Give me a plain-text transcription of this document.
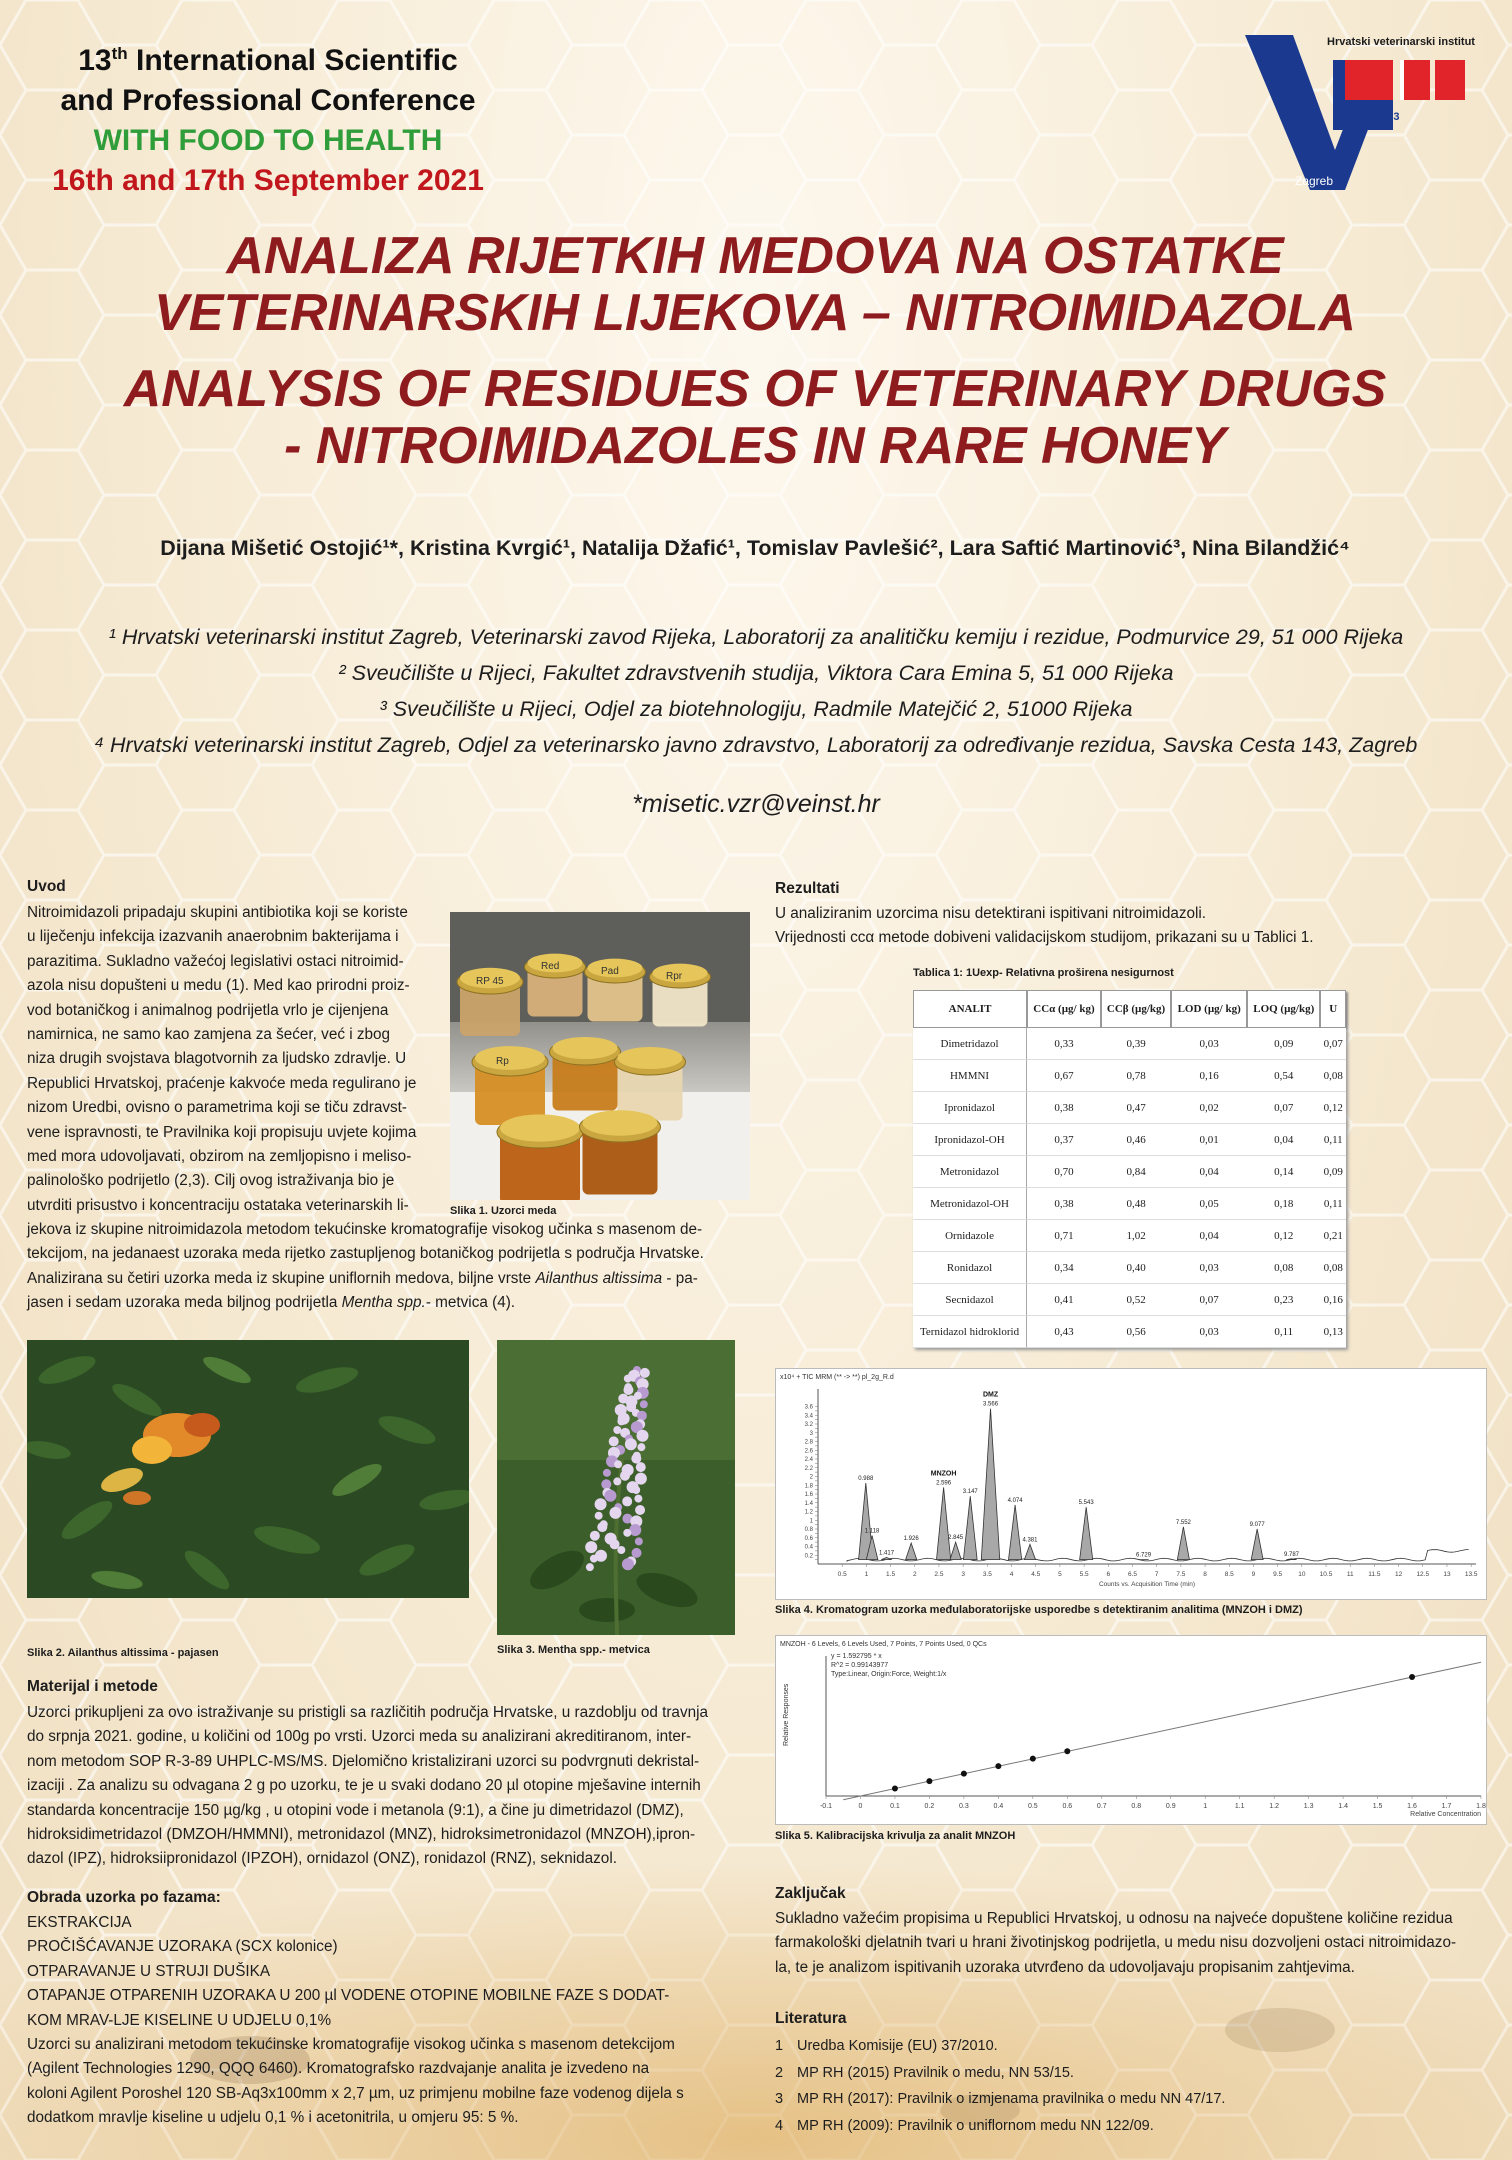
13th International Scientific
and Professional Conference
WITH FOOD TO HEALTH
16th and 17th September 2021
1933
Zagreb
Hrvatski veterinarski institut
ANALIZA RIJETKIH MEDOVA NA OSTATKE
VETERINARSKIH LIJEKOVA – NITROIMIDAZOLA
ANALYSIS OF RESIDUES OF VETERINARY DRUGS
- NITROIMIDAZOLES IN RARE HONEY
Dijana Mišetić Ostojić¹*, Kristina Kvrgić¹, Natalija Džafić¹, Tomislav Pavlešić², Lara Saftić Martinović³, Nina Bilandžić⁴
¹ Hrvatski veterinarski institut Zagreb, Veterinarski zavod Rijeka, Laboratorij za analitičku kemiju i rezidue, Podmurvice 29, 51 000 Rijeka
² Sveučilište u Rijeci, Fakultet zdravstvenih studija, Viktora Cara Emina 5, 51 000 Rijeka
³ Sveučilište u Rijeci, Odjel za biotehnologiju, Radmile Matejčić 2, 51000 Rijeka
⁴ Hrvatski veterinarski institut Zagreb, Odjel za veterinarsko javno zdravstvo, Laboratorij za određivanje rezidua, Savska Cesta 143, Zagreb
*misetic.vzr@veinst.hr
Uvod
Nitroimidazoli pripadaju skupini antibiotika koji se koriste
u liječenju infekcija izazvanih anaerobnim bakterijama i
parazitima. Sukladno važećoj legislativi ostaci nitroimid-
azola nisu dopušteni u medu (1). Med kao prirodni proiz-
vod botaničkog i animalnog podrijetla vrlo je cijenjena
namirnica, ne samo kao zamjena za šećer, već i zbog
niza drugih svojstava blagotvornih za ljudsko zdravlje. U
Republici Hrvatskoj, praćenje kakvoće meda regulirano je
nizom Uredbi, ovisno o parametrima koji se tiču zdravst-
vene ispravnosti, te Pravilnika koji propisuju uvjete kojima
med mora udovoljavati, obzirom na zemljopisno i meliso-
palinološko podrijetlo (2,3). Cilj ovog istraživanja bio je
utvrditi prisustvo i koncentraciju ostataka veterinarskih li-
jekova iz skupine nitroimidazola metodom tekućinske kromatografije visokog učinka s masenom de-
tekcijom, na jedanaest uzoraka meda rijetko zastupljenog botaničkog podrijetla s područja Hrvatske.
Analizirana su četiri uzorka meda iz skupine uniflornih medova, biljne vrste Ailanthus altissima - pa-
jasen i sedam uzoraka meda biljnog podrijetla Mentha spp.- metvica (4).
RP 45
Red	Pad	Rpr
Rp
Slika 1. Uzorci meda
Slika 2. Ailanthus altissima - pajasen	Slika 3. Mentha spp.- metvica
Materijal i metode
Uzorci prikupljeni za ovo istraživanje su pristigli sa različitih područja Hrvatske, u razdoblju od travnja
do srpnja 2021. godine, u količini od 100g po vrsti. Uzorci meda su analizirani akreditiranom, inter-
nom metodom SOP R-3-89 UHPLC-MS/MS. Djelomično kristalizirani uzorci su podvrgnuti dekristal-
izaciji . Za analizu su odvagana 2 g po uzorku, te je u svaki dodano 20 µl otopine mješavine internih
standarda koncentracije 150 µg/kg , u otopini vode i metanola (9:1), a čine ju dimetridazol (DMZ),
hidroksidimetridazol (DMZOH/HMMNI), metronidazol (MNZ), hidroksimetronidazol (MNZOH),ipron-
dazol (IPZ), hidroksiipronidazol (IPZOH), ornidazol (ONZ), ronidazol (RNZ), seknidazol.
Obrada uzorka po fazama:
EKSTRAKCIJA
PROČIŠĆAVANJE UZORAKA (SCX kolonice)
OTPARAVANJE U STRUJI DUŠIKA
OTAPANJE OTPARENIH UZORAKA U 200 µl VODENE OTOPINE MOBILNE FAZE S DODAT-
KOM MRAV-LJE KISELINE U UDJELU 0,1%
Uzorci su analizirani metodom tekućinske kromatografije visokog učinka s masenom detekcijom
(Agilent Technologies 1290, QQQ 6460). Kromatografsko razdvajanje analita je izvedeno na
koloni Agilent Poroshel 120 SB-Aq3x100mm x 2,7 µm, uz primjenu mobilne faze vodenog dijela s
dodatkom mravlje kiseline u udjelu 0,1 % i acetonitrila, u omjeru 95: 5 %.
Rezultati
U analiziranim uzorcima nisu detektirani ispitivani nitroimidazoli.
Vrijednosti ccα metode dobiveni validacijskom studijom, prikazani su u Tablici 1.
Tablica 1: 1Uexp- Relativna proširena nesigurnost
ANALIT	CCα (µg/ kg)	CCβ (µg/kg)	LOD (µg/ kg)	LOQ (µg/kg)	U
Dimetridazol	0,33	0,39	0,03	0,09	0,07
HMMNI	0,67	0,78	0,16	0,54	0,08
Ipronidazol	0,38	0,47	0,02	0,07	0,12
Ipronidazol-OH	0,37	0,46	0,01	0,04	0,11
Metronidazol	0,70	0,84	0,04	0,14	0,09
Metronidazol-OH	0,38	0,48	0,05	0,18	0,11
Ornidazole	0,71	1,02	0,04	0,12	0,21
Ronidazol	0,34	0,40	0,03	0,08	0,08
Secnidazol	0,41	0,52	0,07	0,23	0,16
Ternidazol hidroklorid	0,43	0,56	0,03	0,11	0,13
x10⁴ + TIC MRM (** -> **) pl_2g_R.d
0.2
0.4
0.6
0.8
1
1.2
1.4
1.6
1.8
2
2.2
2.4
2.6
2.8
3
3.2
3.4
3.6
0.5	1	1.5	2	2.5	3	3.5	4	4.5	5	5.5	6	6.5	7	7.5	8	8.5	9	9.5 10 10.5 11 11.5 12 12.5 13 13.5
Counts vs. Acquisition Time (min)
0.988
1.118
1.417
1.926
2.596
MNZOH
2.845
3.147
3.566
DMZ
4.074
4.381
5.543
6.729
7.552	9.077
9.787
Slika 4. Kromatogram uzorka međulaboratorijske usporedbe s detektiranim analitima (MNZOH i DMZ)
MNZOH - 6 Levels, 6 Levels Used, 7 Points, 7 Points Used, 0 QCs
y = 1.592795 * x
R^2 = 0.99143977
Type:Linear, Origin:Force, Weight:1/x
Relative Responses
-0.1	0	0.1	0.2	0.3	0.4	0.5	0.6	0.7	0.8	0.9	1	1.1	1.2	1.3	1.4	1.5	1.6	1.7	1.8
Relative Concentration
Slika 5. Kalibracijska krivulja za analit MNZOH
Zaključak
Sukladno važećim propisima u Republici Hrvatskoj, u odnosu na najveće dopuštene količine rezidua
farmakološki djelatnih tvari u hrani životinjskog podrijetla, u medu nisu dozvoljeni ostaci nitroimidazo-
la, te je analizom ispitivanih uzoraka utvrđeno da udovoljavaju propisanim zahtjevima.
Literatura
1 Uredba Komisije (EU) 37/2010.
2 MP RH (2015) Pravilnik o medu, NN 53/15.
3 MP RH (2017): Pravilnik o izmjenama pravilnika o medu NN 47/17.
4 MP RH (2009): Pravilnik o uniflornom medu NN 122/09.
